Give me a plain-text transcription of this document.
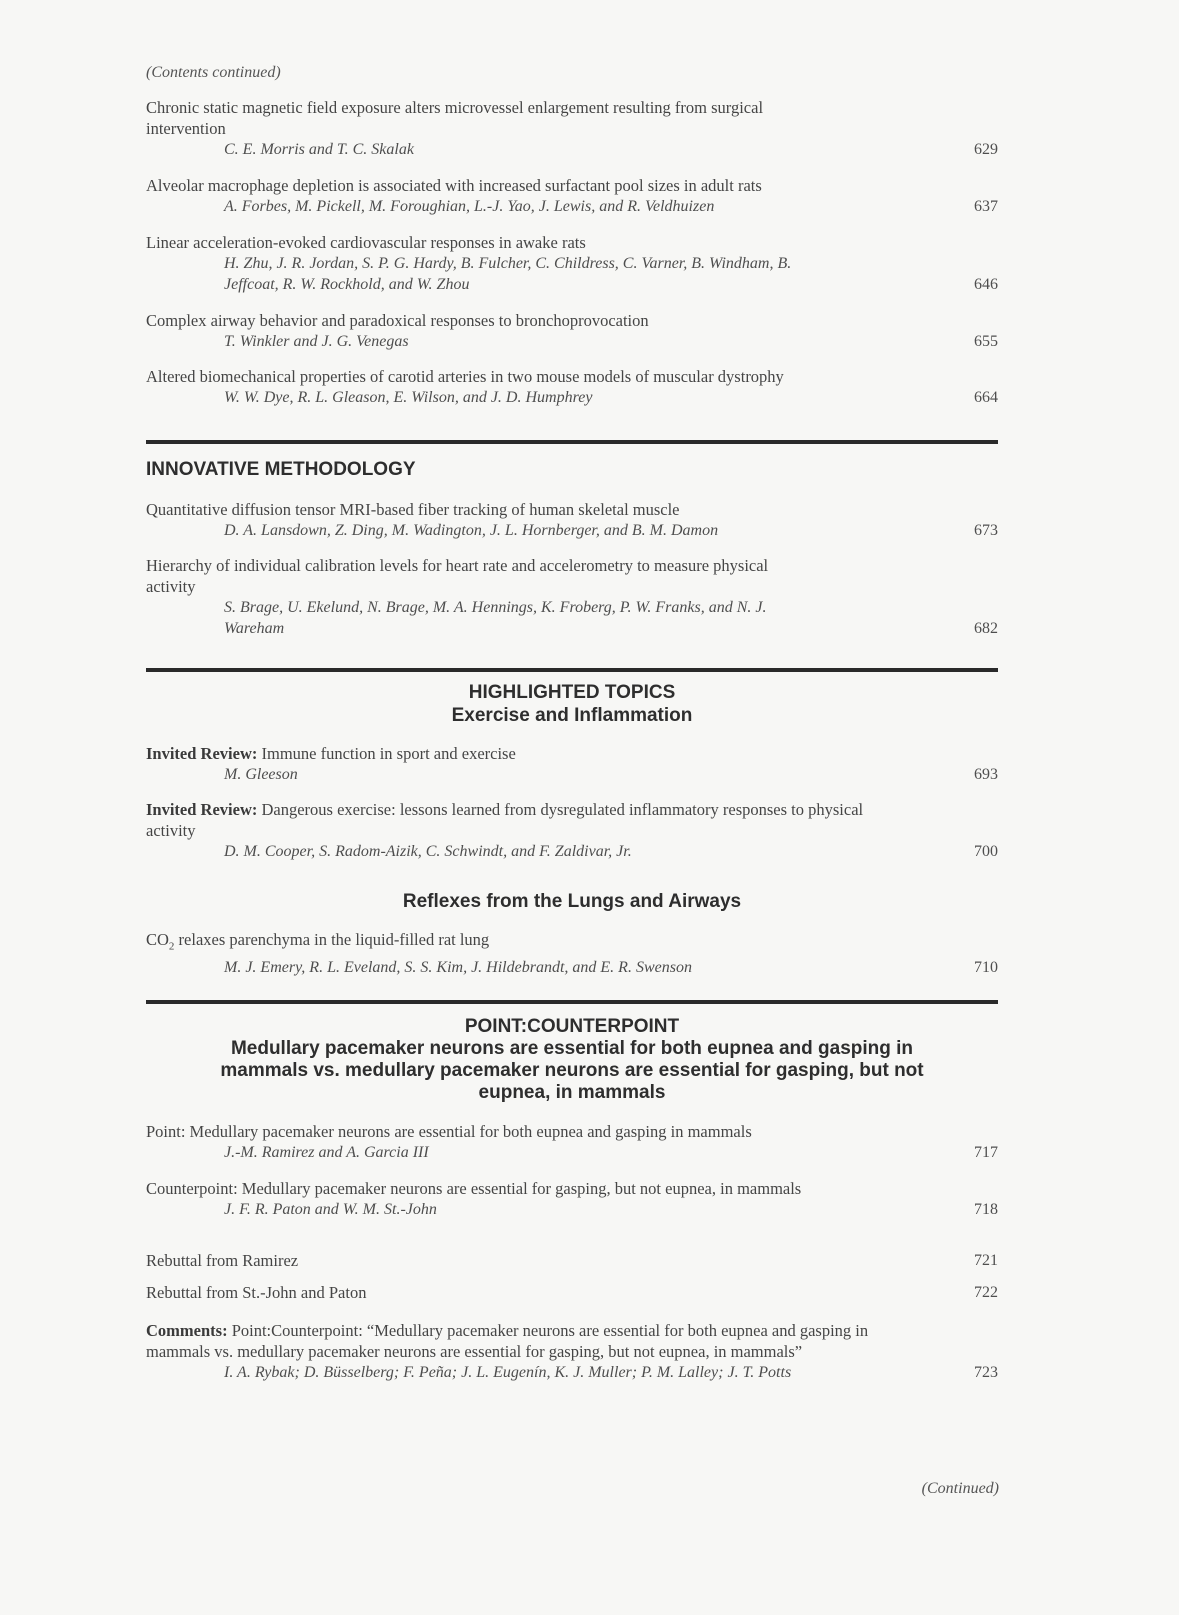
(Contents continued)
Chronic static magnetic field exposure alters microvessel enlargement resulting from surgical intervention
C. E. Morris and T. C. Skalak	629
Alveolar macrophage depletion is associated with increased surfactant pool sizes in adult rats
A. Forbes, M. Pickell, M. Foroughian, L.-J. Yao, J. Lewis, and R. Veldhuizen	637
Linear acceleration-evoked cardiovascular responses in awake rats
H. Zhu, J. R. Jordan, S. P. G. Hardy, B. Fulcher, C. Childress, C. Varner, B. Windham, B. Jeffcoat, R. W. Rockhold, and W. Zhou	646
Complex airway behavior and paradoxical responses to bronchoprovocation
T. Winkler and J. G. Venegas	655
Altered biomechanical properties of carotid arteries in two mouse models of muscular dystrophy
W. W. Dye, R. L. Gleason, E. Wilson, and J. D. Humphrey	664
INNOVATIVE METHODOLOGY
Quantitative diffusion tensor MRI-based fiber tracking of human skeletal muscle
D. A. Lansdown, Z. Ding, M. Wadington, J. L. Hornberger, and B. M. Damon	673
Hierarchy of individual calibration levels for heart rate and accelerometry to measure physical activity
S. Brage, U. Ekelund, N. Brage, M. A. Hennings, K. Froberg, P. W. Franks, and N. J. Wareham	682
HIGHLIGHTED TOPICS
Exercise and Inflammation
Invited Review: Immune function in sport and exercise
M. Gleeson	693
Invited Review: Dangerous exercise: lessons learned from dysregulated inflammatory responses to physical activity
D. M. Cooper, S. Radom-Aizik, C. Schwindt, and F. Zaldivar, Jr.	700
Reflexes from the Lungs and Airways
$CO_2$ relaxes parenchyma in the liquid-filled rat lung
M. J. Emery, R. L. Eveland, S. S. Kim, J. Hildebrandt, and E. R. Swenson	710
POINT:COUNTERPOINT
Medullary pacemaker neurons are essential for both eupnea and gasping in mammals vs. medullary pacemaker neurons are essential for gasping, but not eupnea, in mammals
Point: Medullary pacemaker neurons are essential for both eupnea and gasping in mammals
J.-M. Ramirez and A. Garcia III	717
Counterpoint: Medullary pacemaker neurons are essential for gasping, but not eupnea, in mammals
J. F. R. Paton and W. M. St.-John	718
Rebuttal from Ramirez	721
Rebuttal from St.-John and Paton	722
Comments: Point:Counterpoint: “Medullary pacemaker neurons are essential for both eupnea and gasping in mammals vs. medullary pacemaker neurons are essential for gasping, but not eupnea, in mammals”
I. A. Rybak; D. Büsselberg; F. Peña; J. L. Eugenín, K. J. Muller; P. M. Lalley; J. T. Potts	723
(Continued)
